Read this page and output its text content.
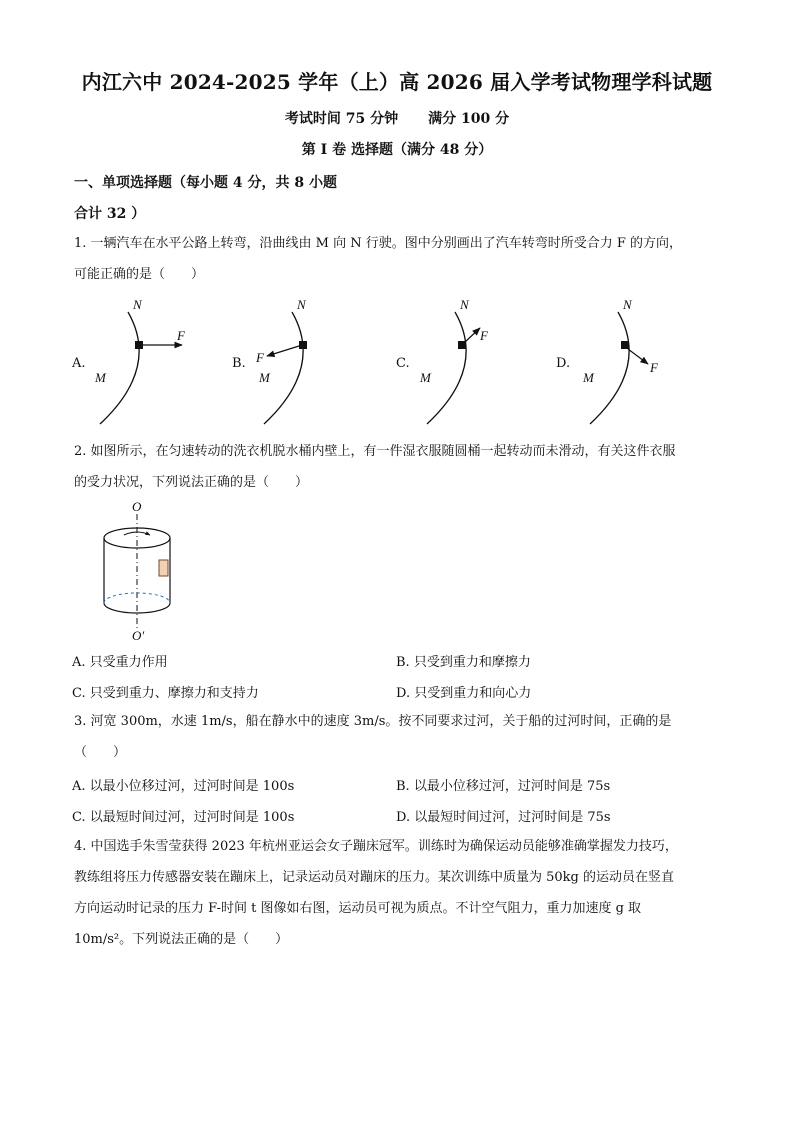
内江六中 2024-2025 学年（上）高 2026 届入学考试物理学科试题
考试时间 75 分钟 满分 100 分
第 I 卷 选择题（满分 48 分）
一、单项选择题（每小题 4 分，共 8 小题
合计 32 ）
1. 一辆汽车在水平公路上转弯，沿曲线由 M 向 N 行驶。图中分别画出了汽车转弯时所受合力 F 的方向，
可能正确的是（　　）
A.	B.	C.	D.
N
M
F
N
M
F
N
M
F
N
M
F
2. 如图所示，在匀速转动的洗衣机脱水桶内壁上，有一件湿衣服随圆桶一起转动而未滑动，有关这件衣服
的受力状况，下列说法正确的是（　　）
O
O′
A. 只受重力作用	B. 只受到重力和摩擦力
C. 只受到重力、摩擦力和支持力	D. 只受到重力和向心力
3. 河宽 300m，水速 1m/s，船在静水中的速度 3m/s。按不同要求过河，关于船的过河时间，正确的是
（　　）
A. 以最小位移过河，过河时间是 100s	B. 以最小位移过河，过河时间是 75s
C. 以最短时间过河，过河时间是 100s	D. 以最短时间过河，过河时间是 75s
4. 中国选手朱雪莹获得 2023 年杭州亚运会女子蹦床冠军。训练时为确保运动员能够准确掌握发力技巧，
教练组将压力传感器安装在蹦床上，记录运动员对蹦床的压力。某次训练中质量为 50kg 的运动员在竖直
方向运动时记录的压力 F-时间 t 图像如右图，运动员可视为质点。不计空气阻力，重力加速度 g 取
10m/s²。下列说法正确的是（　　）
